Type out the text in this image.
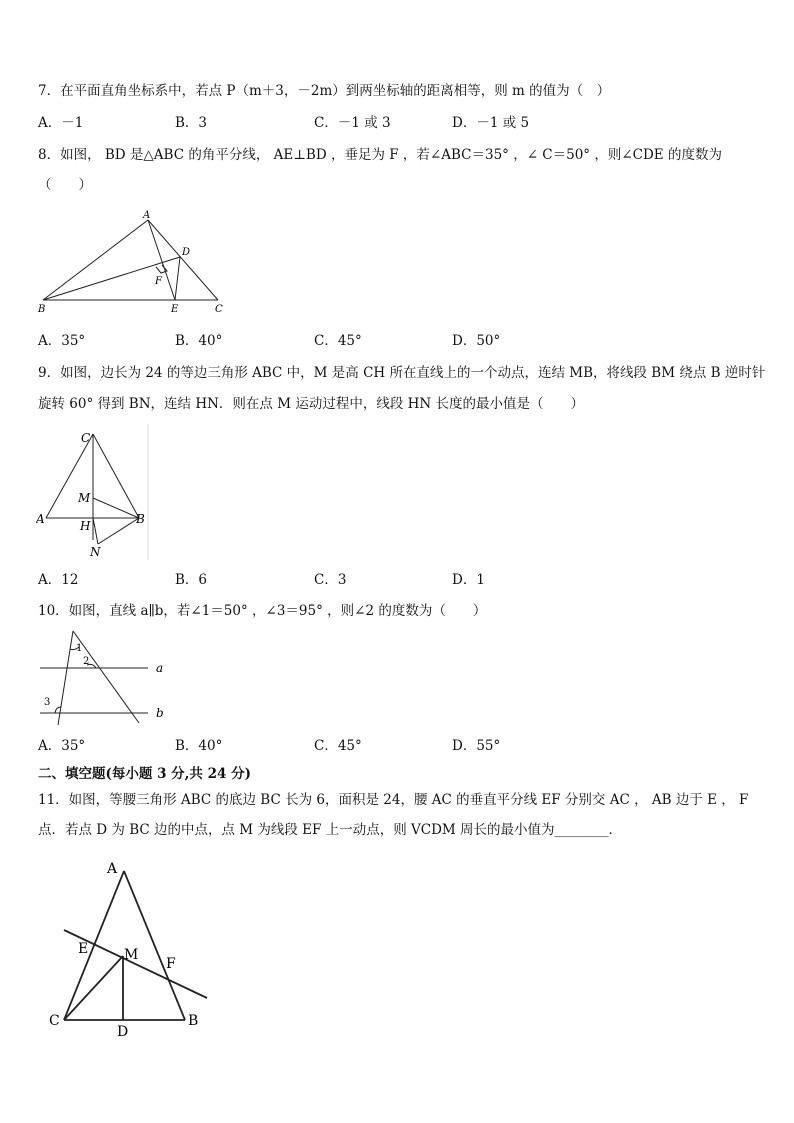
7．在平面直角坐标系中，若点 P（m＋3，－2m）到两坐标轴的距离相等，则 m 的值为（　）
A．－1	B．3	C．－1 或 3	D．－1 或 5
8．如图， BD 是△ABC 的角平分线， AE⊥BD ，垂足为 F ，若∠ABC＝35° ，∠ C＝50° ，则∠CDE 的度数为
（　　）
A
D
F
B	E	C
A．35°	B．40°	C．45°	D．50°
9．如图，边长为 24 的等边三角形 ABC 中，M 是高 CH 所在直线上的一个动点，连结 MB，将线段 BM 绕点 B 逆时针
旋转 60° 得到 BN，连结 HN．则在点 M 运动过程中，线段 HN 长度的最小值是（　　）
C
M
A	H	B
N
A．12	B．6	C．3	D．1
10．如图，直线 a∥b，若∠1＝50° ，∠3＝95° ，则∠2 的度数为（　　）
1
2
3
a
b
A．35°	B．40°	C．45°	D．55°
二、填空题(每小题 3 分,共 24 分)
11．如图，等腰三角形 ABC 的底边 BC 长为 6，面积是 24，腰 AC 的垂直平分线 EF 分别交 AC ， AB 边于 E ， F
点．若点 D 为 BC 边的中点，点 M 为线段 EF 上一动点，则 VCDM 周长的最小值为________．
A
E	M
F
C
D
B
